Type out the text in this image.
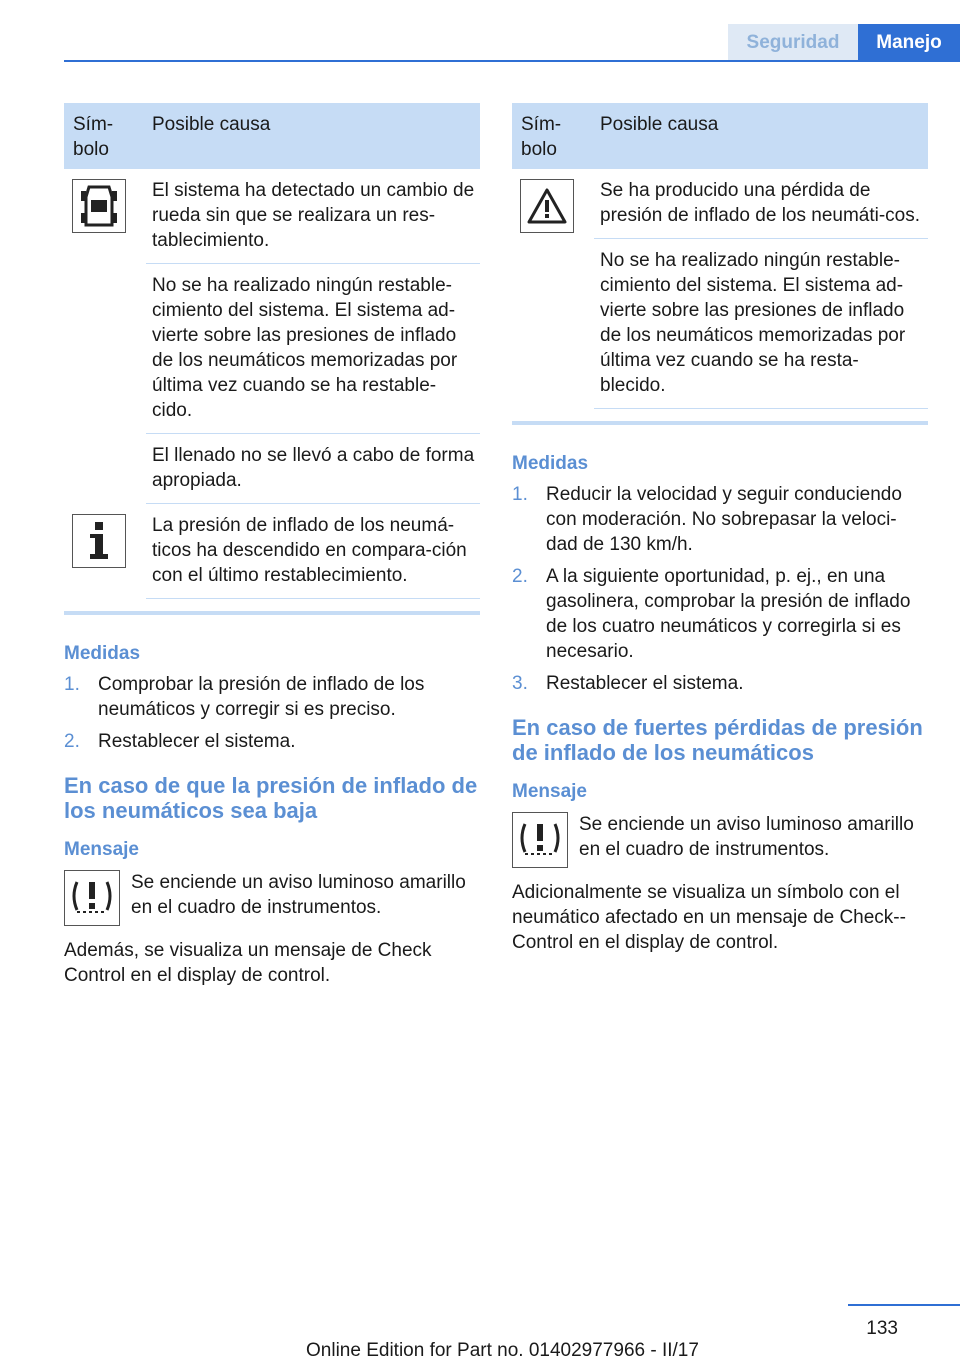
Seguridad	Manejo
Sím-
bolo
Posible causa
El sistema ha detectado un cambio de rueda sin que se realizara un res-tablecimiento.
No se ha realizado ningún restable-cimiento del sistema. El sistema ad-vierte sobre las presiones de inflado de los neumáticos memorizadas por última vez cuando se ha restable-cido.
El llenado no se llevó a cabo de forma apropiada.
La presión de inflado de los neumá-ticos ha descendido en compara-ción con el último restablecimiento.
Medidas
1. Comprobar la presión de inflado de los neumáticos y corregir si es preciso.
2. Restablecer el sistema.
En caso de que la presión de inflado de los neumáticos sea baja
Mensaje

Se enciende un aviso luminoso amarillo en el cuadro de instrumentos.

Además, se visualiza un mensaje de Check Control en el display de control.

Sím-
bolo
Posible causa
Se ha producido una pérdida de presión de inflado de los neumáti-cos.
No se ha realizado ningún restable-cimiento del sistema. El sistema ad-vierte sobre las presiones de inflado de los neumáticos memorizadas por última vez cuando se ha resta-blecido.
Medidas
1. Reducir la velocidad y seguir conduciendo con moderación. No sobrepasar la veloci-dad de 130 km/h.
2. A la siguiente oportunidad, p. ej., en una gasolinera, comprobar la presión de inflado de los cuatro neumáticos y corregirla si es necesario.
3. Restablecer el sistema.
En caso de fuertes pérdidas de presión de inflado de los neumáticos
Mensaje

Se enciende un aviso luminoso amarillo en el cuadro de instrumentos.

Adicionalmente se visualiza un símbolo con el neumático afectado en un mensaje de Check--Control en el display de control.

133
Online Edition for Part no. 01402977966 - II/17
